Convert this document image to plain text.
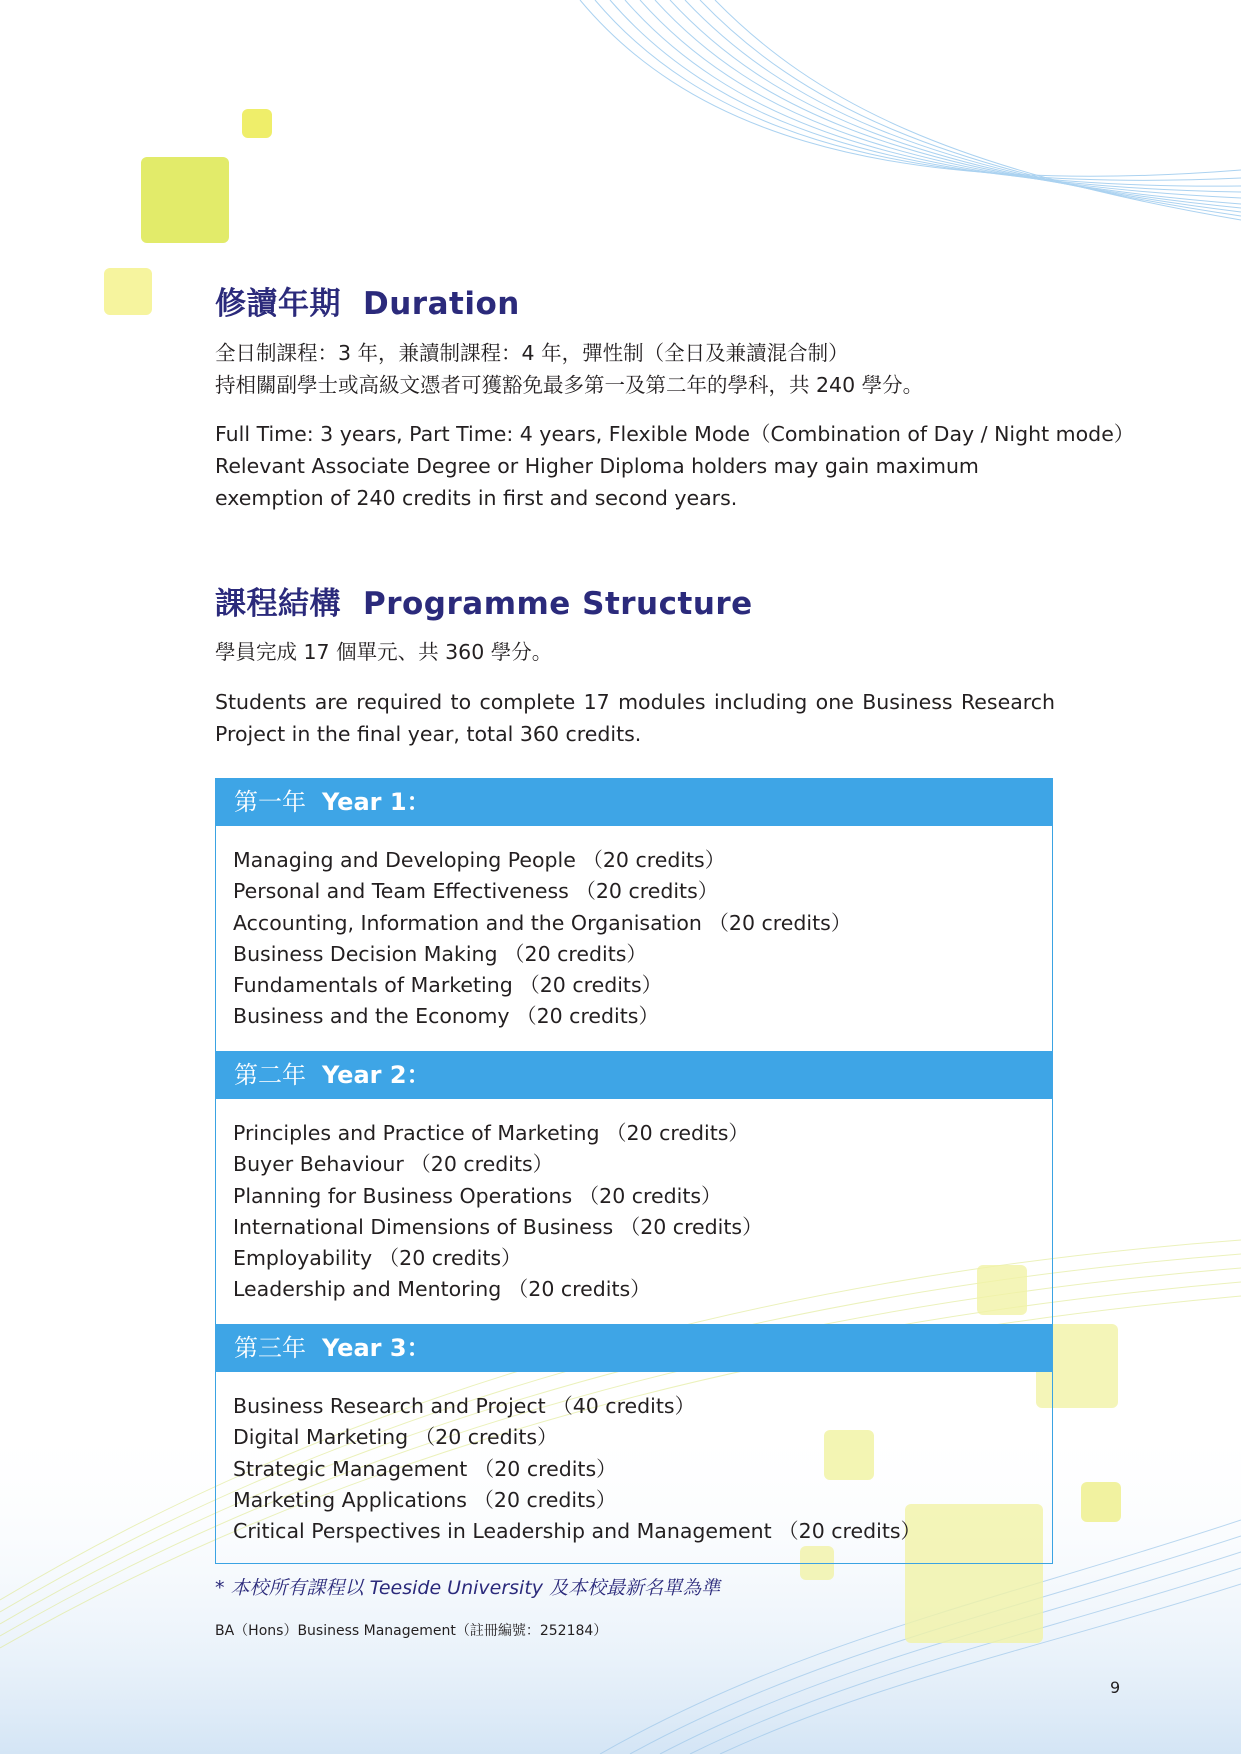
修讀年期 Duration

全日制課程：3 年，兼讀制課程：4 年，彈性制（全日及兼讀混合制）
持相關副學士或高級文憑者可獲豁免最多第一及第二年的學科，共 240 學分。

Full Time: 3 years, Part Time: 4 years, Flexible Mode（Combination of Day / Night mode）
Relevant Associate Degree or Higher Diploma holders may gain maximum exemption of 240 credits in first and second years.

課程結構 Programme Structure

學員完成 17 個單元、共 360 學分。

Students are required to complete 17 modules including one Business Research Project in the final year, total 360 credits.

第一年 Year 1：
Managing and Developing People （20 credits）
Personal and Team Effectiveness （20 credits）
Accounting, Information and the Organisation （20 credits）
Business Decision Making （20 credits）
Fundamentals of Marketing （20 credits）
Business and the Economy （20 credits）
第二年 Year 2：
Principles and Practice of Marketing （20 credits）
Buyer Behaviour （20 credits）
Planning for Business Operations （20 credits）
International Dimensions of Business （20 credits）
Employability （20 credits）
Leadership and Mentoring （20 credits）
第三年 Year 3：
Business Research and Project （40 credits）
Digital Marketing （20 credits）
Strategic Management （20 credits）
Marketing Applications （20 credits）
Critical Perspectives in Leadership and Management （20 credits）

* 本校所有課程以 Teeside University 及本校最新名單為準

BA（Hons）Business Management（註冊編號：252184）

9
